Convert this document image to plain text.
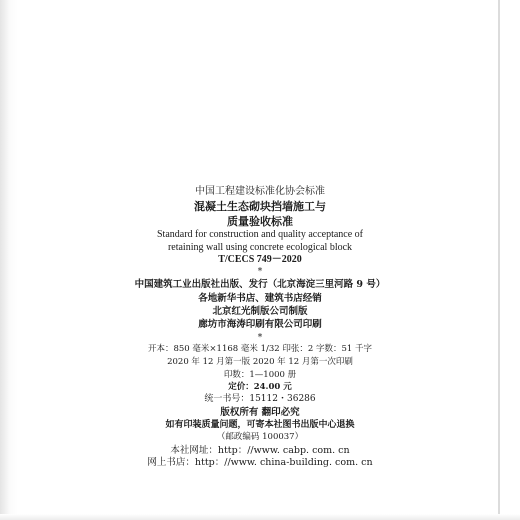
中国工程建设标准化协会标准
混凝土生态砌块挡墙施工与
质量验收标准
Standard for construction and quality acceptance of
retaining wall using concrete ecological block
T/CECS 749－2020
*
中国建筑工业出版社出版、发行（北京海淀三里河路 9 号）
各地新华书店、建筑书店经销
北京红光制版公司制版
廊坊市海涛印刷有限公司印刷
*
开本：850 毫米×1168 毫米 1/32 印张：2 字数：51 千字
2020 年 12 月第一版 2020 年 12 月第一次印刷
印数：1—1000 册
定价：24.00 元
统一书号：15112・36286
版权所有 翻印必究
如有印装质量问题，可寄本社图书出版中心退换
（邮政编码 100037）
本社网址：http：//www. cabp. com. cn
网上书店：http：//www. china-building. com. cn
